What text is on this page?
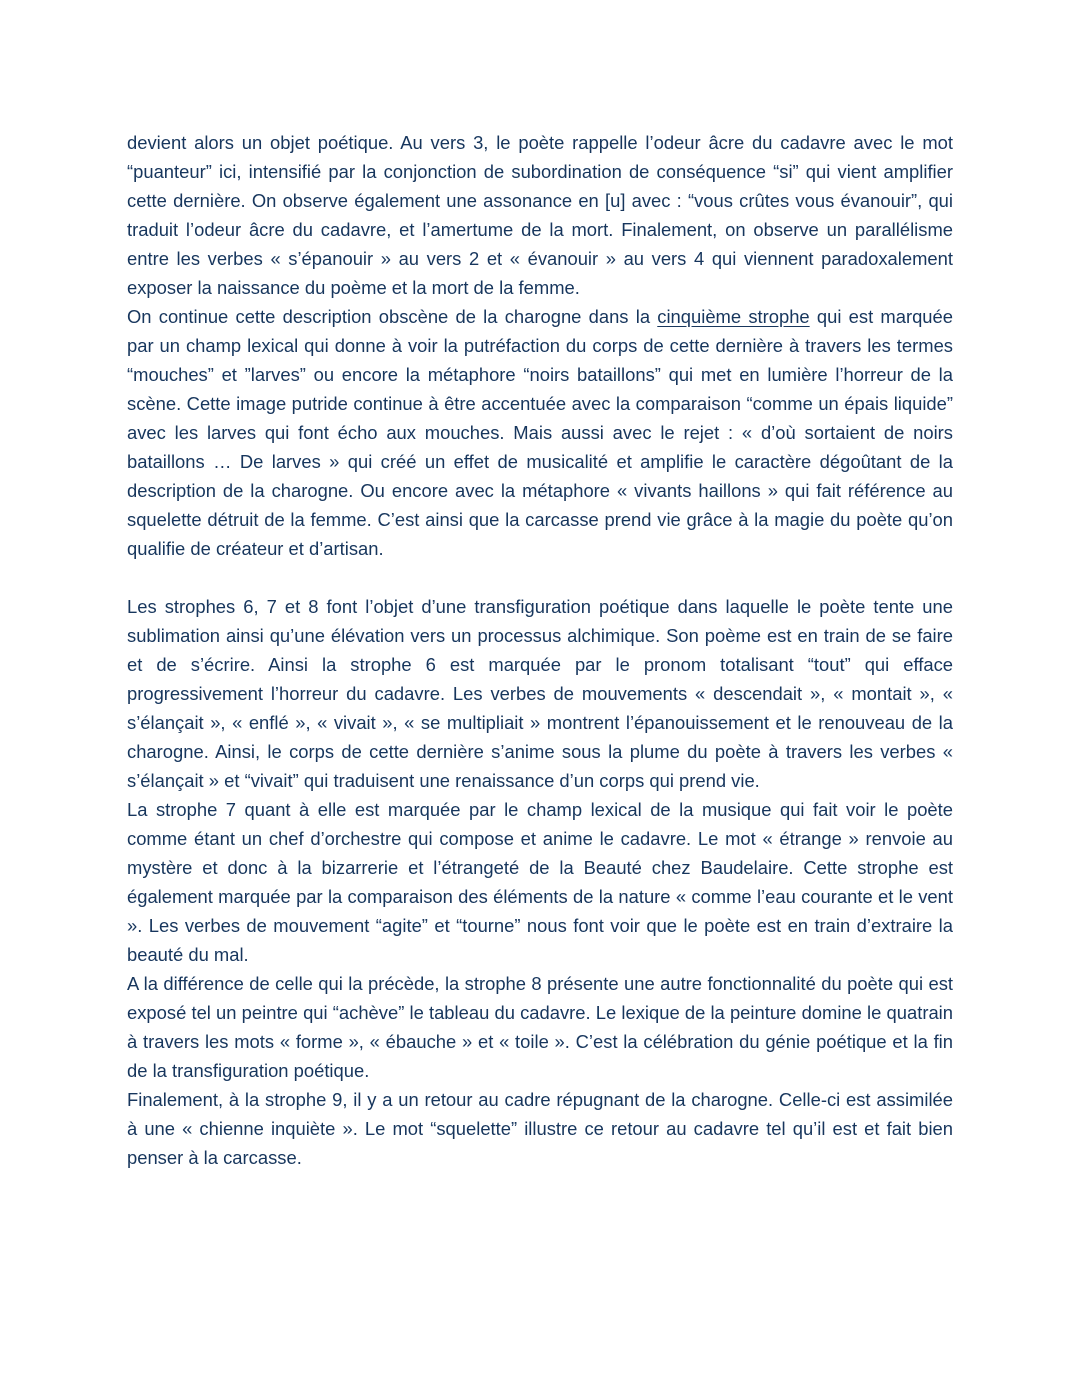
devient alors un objet poétique. Au vers 3, le poète rappelle l’odeur âcre du cadavre avec le mot “puanteur” ici, intensifié par la conjonction de subordination de conséquence “si” qui vient amplifier cette dernière. On observe également une assonance en [u] avec : “vous crûtes vous évanouir”, qui traduit l’odeur âcre du cadavre, et l’amertume de la mort. Finalement, on observe un parallélisme entre les verbes « s’épanouir » au vers 2 et « évanouir » au vers 4 qui viennent paradoxalement exposer la naissance du poème et la mort de la femme.

On continue cette description obscène de la charogne dans la cinquième strophe qui est marquée par un champ lexical qui donne à voir la putréfaction du corps de cette dernière à travers les termes “mouches” et ”larves” ou encore la métaphore “noirs bataillons” qui met en lumière l’horreur de la scène. Cette image putride continue à être accentuée avec la comparaison “comme un épais liquide” avec les larves qui font écho aux mouches. Mais aussi avec le rejet : « d’où sortaient de noirs bataillons … De larves » qui créé un effet de musicalité et amplifie le caractère dégoûtant de la description de la charogne. Ou encore avec la métaphore « vivants haillons » qui fait référence au squelette détruit de la femme. C’est ainsi que la carcasse prend vie grâce à la magie du poète qu’on qualifie de créateur et d’artisan.

Les strophes 6, 7 et 8 font l’objet d’une transfiguration poétique dans laquelle le poète tente une sublimation ainsi qu’une élévation vers un processus alchimique. Son poème est en train de se faire et de s’écrire. Ainsi la strophe 6 est marquée par le pronom totalisant “tout” qui efface progressivement l’horreur du cadavre. Les verbes de mouvements « descendait », « montait », « s’élançait », « enflé », « vivait », « se multipliait » montrent l’épanouissement et le renouveau de la charogne. Ainsi, le corps de cette dernière s’anime sous la plume du poète à travers les verbes « s’élançait » et “vivait” qui traduisent une renaissance d’un corps qui prend vie.

La strophe 7 quant à elle est marquée par le champ lexical de la musique qui fait voir le poète comme étant un chef d’orchestre qui compose et anime le cadavre. Le mot « étrange » renvoie au mystère et donc à la bizarrerie et l’étrangeté de la Beauté chez Baudelaire. Cette strophe est également marquée par la comparaison des éléments de la nature « comme l’eau courante et le vent ». Les verbes de mouvement “agite” et “tourne” nous font voir que le poète est en train d’extraire la beauté du mal.

A la différence de celle qui la précède, la strophe 8 présente une autre fonctionnalité du poète qui est exposé tel un peintre qui “achève” le tableau du cadavre. Le lexique de la peinture domine le quatrain à travers les mots « forme », « ébauche » et « toile ». C’est la célébration du génie poétique et la fin de la transfiguration poétique.

Finalement, à la strophe 9, il y a un retour au cadre répugnant de la charogne. Celle-ci est assimilée à une « chienne inquiète ». Le mot “squelette” illustre ce retour au cadavre tel qu’il est et fait bien penser à la carcasse.
